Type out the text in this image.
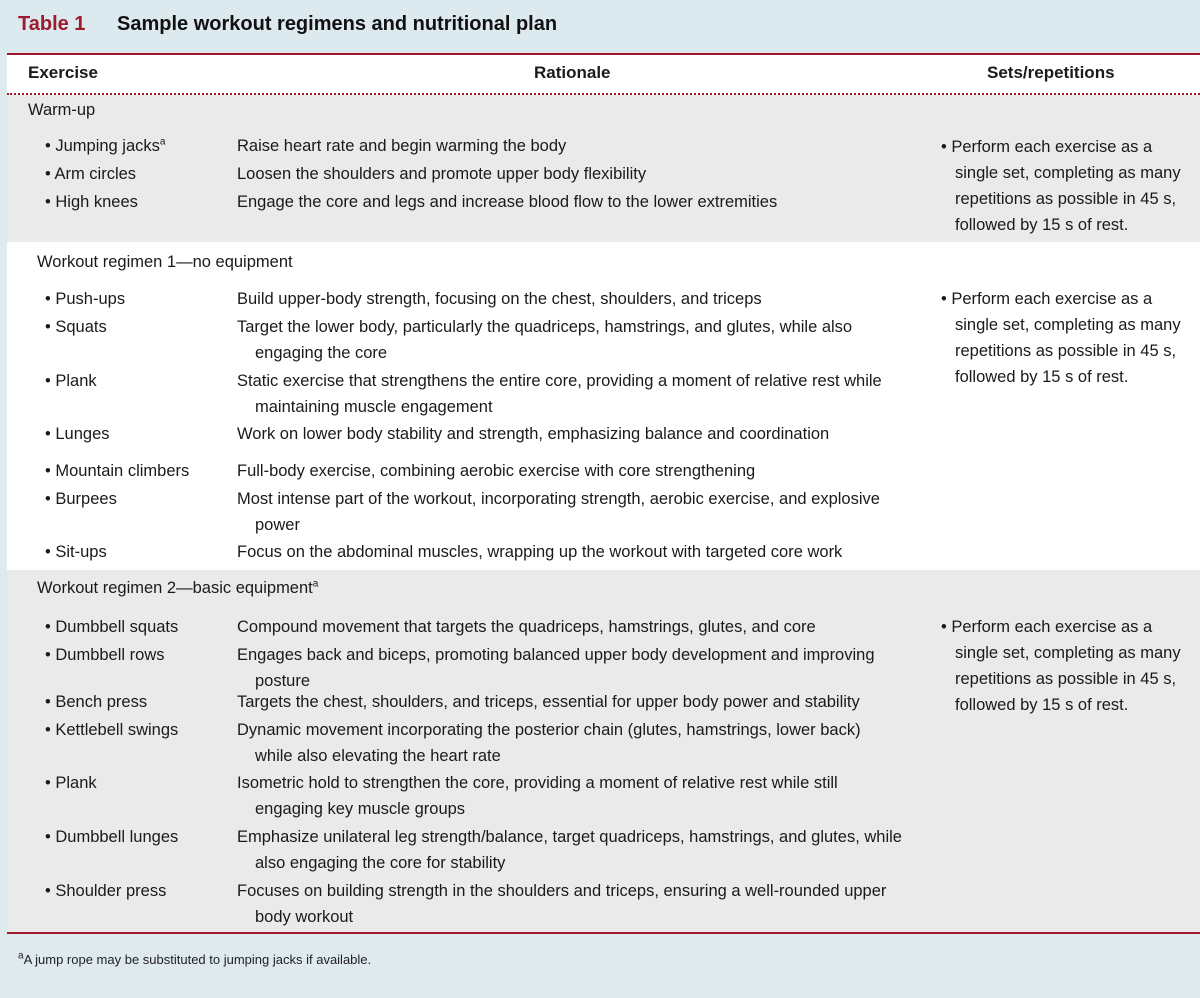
Table 1 Sample workout regimens and nutritional plan
Exercise	Rationale	Sets/repetitions
Warm-up
• Jumping jacks$^a$	Raise heart rate and begin warming the body
• Arm circles	Loosen the shoulders and promote upper body flexibility
• High knees	Engage the core and legs and increase blood flow to the lower extremities
• Perform each exercise as a
single set, completing as many
repetitions as possible in 45 s,
followed by 15 s of rest.
Workout regimen 1—no equipment
• Push-ups	Build upper-body strength, focusing on the chest, shoulders, and triceps
• Squats	Target the lower body, particularly the quadriceps, hamstrings, and glutes, while also
engaging the core
• Plank	Static exercise that strengthens the entire core, providing a moment of relative rest while
maintaining muscle engagement
• Lunges	Work on lower body stability and strength, emphasizing balance and coordination
• Mountain climbers	Full-body exercise, combining aerobic exercise with core strengthening
• Burpees	Most intense part of the workout, incorporating strength, aerobic exercise, and explosive
power
• Sit-ups	Focus on the abdominal muscles, wrapping up the workout with targeted core work
• Perform each exercise as a
single set, completing as many
repetitions as possible in 45 s,
followed by 15 s of rest.
Workout regimen 2—basic equipment$^a$
• Dumbbell squats	Compound movement that targets the quadriceps, hamstrings, glutes, and core
• Dumbbell rows	Engages back and biceps, promoting balanced upper body development and improving
posture
• Bench press	Targets the chest, shoulders, and triceps, essential for upper body power and stability
• Kettlebell swings	Dynamic movement incorporating the posterior chain (glutes, hamstrings, lower back)
while also elevating the heart rate
• Plank	Isometric hold to strengthen the core, providing a moment of relative rest while still
engaging key muscle groups
• Dumbbell lunges	Emphasize unilateral leg strength/balance, target quadriceps, hamstrings, and glutes, while
also engaging the core for stability
• Shoulder press	Focuses on building strength in the shoulders and triceps, ensuring a well-rounded upper
body workout
• Perform each exercise as a
single set, completing as many
repetitions as possible in 45 s,
followed by 15 s of rest.
$^a$A jump rope may be substituted to jumping jacks if available.
